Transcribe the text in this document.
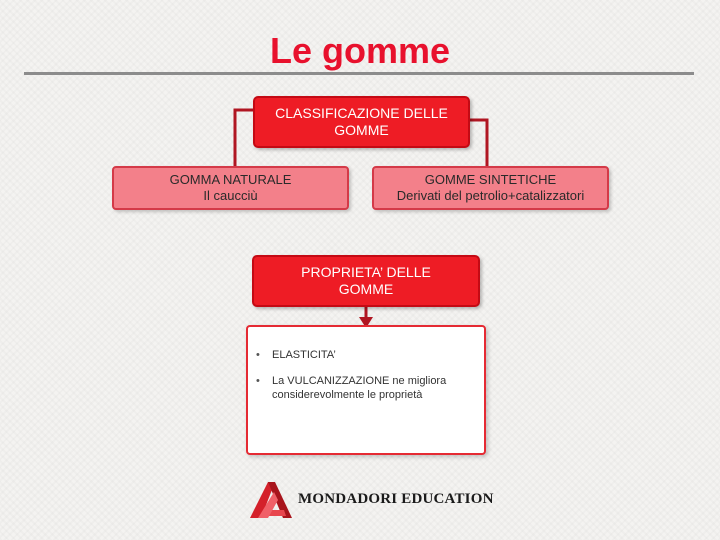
Le gomme
CLASSIFICAZIONE DELLE
GOMME
GOMMA NATURALE
Il caucciù
GOMME SINTETICHE
Derivati del petrolio+catalizzatori
PROPRIETA’ DELLE
GOMME
•	ELASTICITA’
•	La VULCANIZZAZIONE ne migliora considerevolmente le proprietà
MONDADORI EDUCATION
